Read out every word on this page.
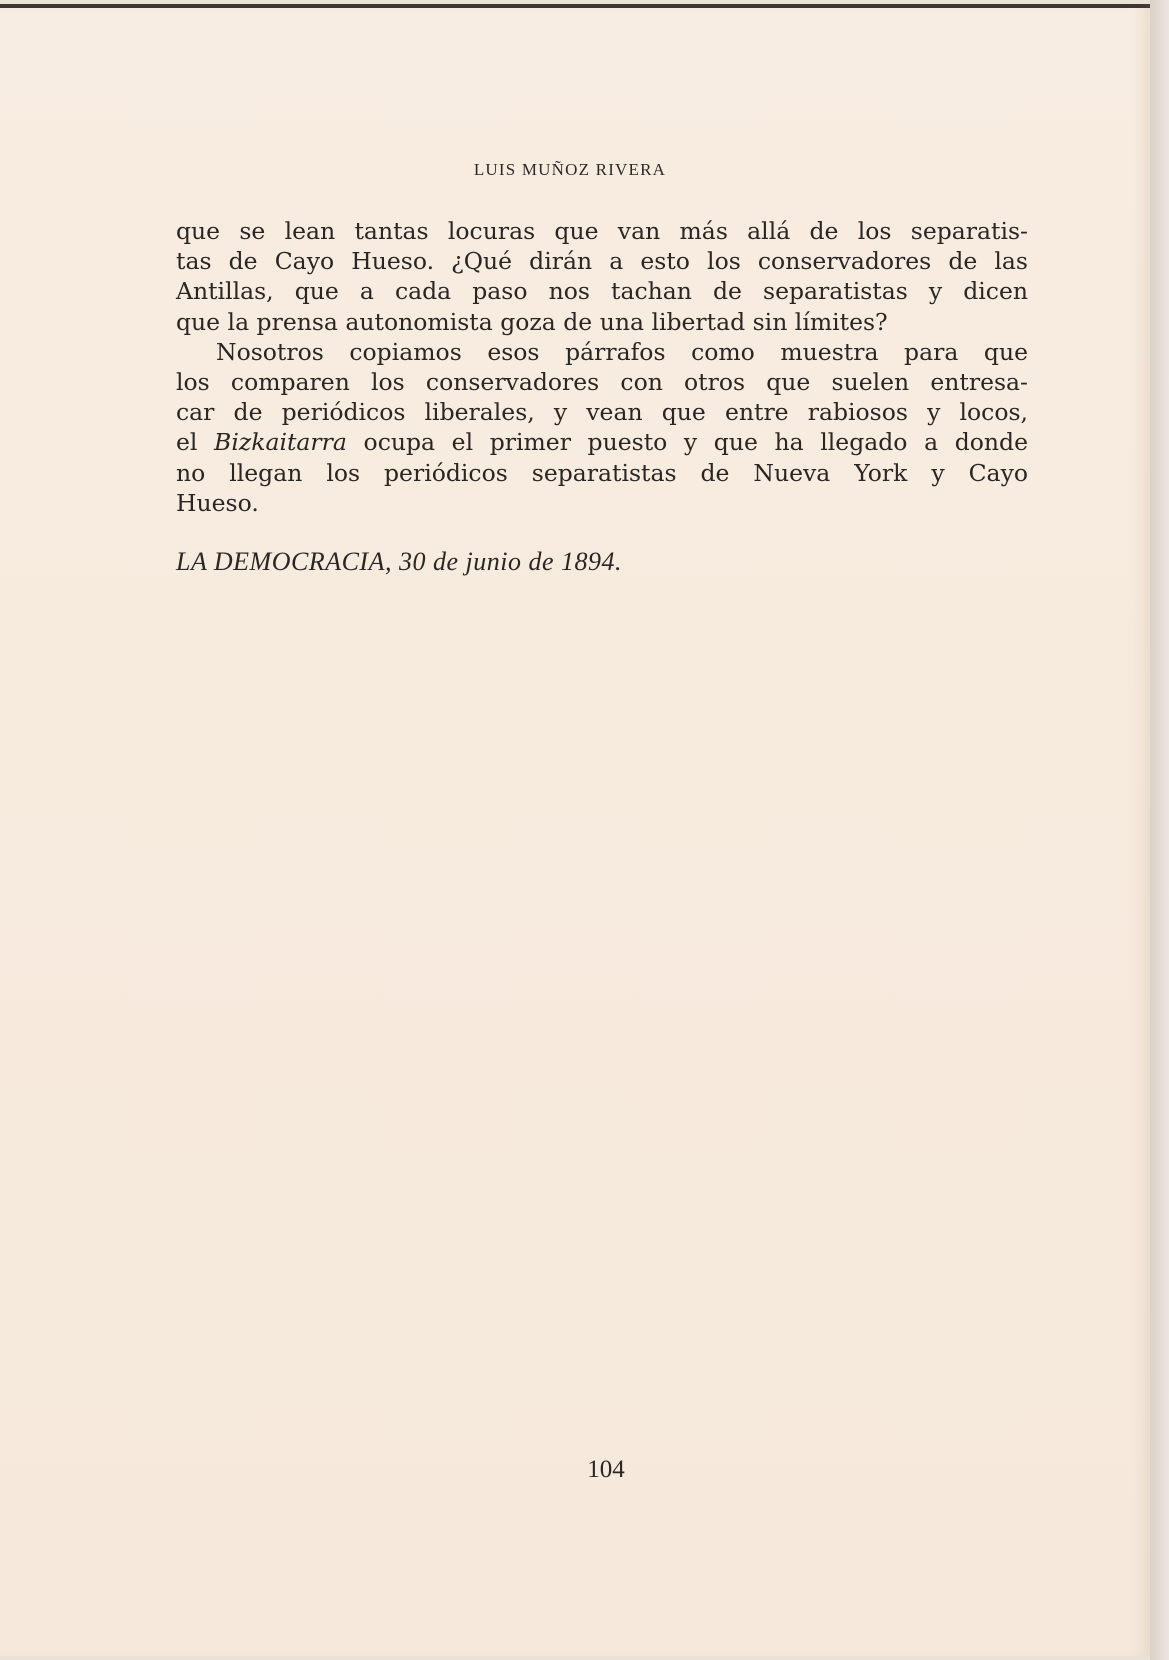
LUIS MUÑOZ RIVERA
que se lean tantas locuras que van más allá de los separatis-
tas de Cayo Hueso. ¿Qué dirán a esto los conservadores de las
Antillas, que a cada paso nos tachan de separatistas y dicen
que la prensa autonomista goza de una libertad sin límites?
Nosotros copiamos esos párrafos como muestra para que
los comparen los conservadores con otros que suelen entresa-
car de periódicos liberales, y vean que entre rabiosos y locos,
el Bizkaitarra ocupa el primer puesto y que ha llegado a donde
no llegan los periódicos separatistas de Nueva York y Cayo
Hueso.
LA DEMOCRACIA, 30 de junio de 1894.
104
